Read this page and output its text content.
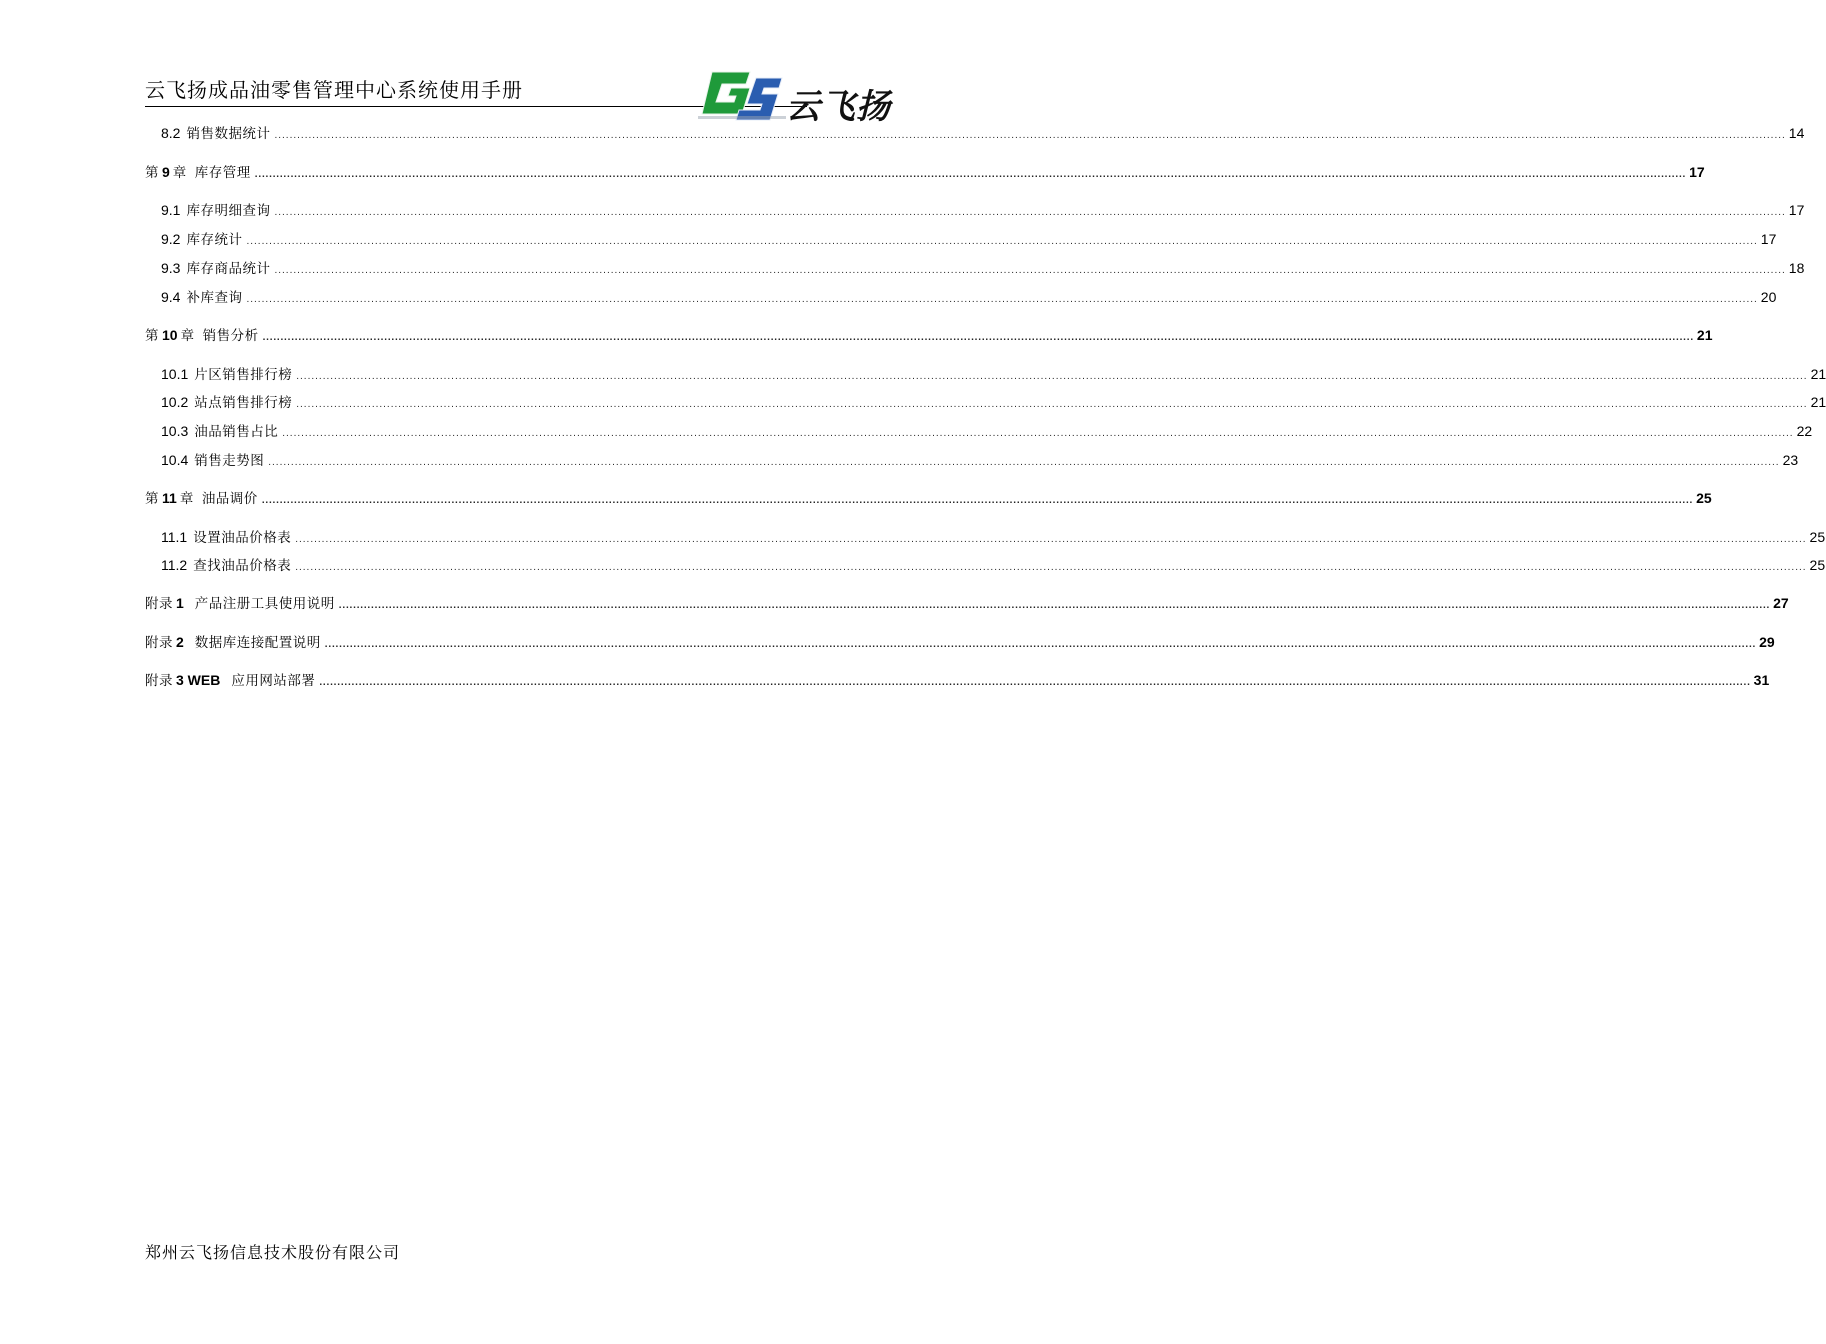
云飞扬成品油零售管理中心系统使用手册	云飞扬
8.2 销售数据统计 ................................................................................................................................................................................................................................................................................................................................................................................................................ 14
第 9 章 库存管理 ................................................................................................................................................................................................................................................................................................................................................................................................................ 17
9.1 库存明细查询 ................................................................................................................................................................................................................................................................................................................................................................................................................ 17
9.2 库存统计 ................................................................................................................................................................................................................................................................................................................................................................................................................ 17
9.3 库存商品统计 ................................................................................................................................................................................................................................................................................................................................................................................................................ 18
9.4 补库查询 ................................................................................................................................................................................................................................................................................................................................................................................................................ 20
第 10 章 销售分析 ................................................................................................................................................................................................................................................................................................................................................................................................................ 21
10.1 片区销售排行榜 ................................................................................................................................................................................................................................................................................................................................................................................................................ 21
10.2 站点销售排行榜 ................................................................................................................................................................................................................................................................................................................................................................................................................ 21
10.3 油品销售占比 ................................................................................................................................................................................................................................................................................................................................................................................................................ 22
10.4 销售走势图 ................................................................................................................................................................................................................................................................................................................................................................................................................ 23
第 11 章 油品调价 ................................................................................................................................................................................................................................................................................................................................................................................................................ 25
11.1 设置油品价格表 ................................................................................................................................................................................................................................................................................................................................................................................................................ 25
11.2 查找油品价格表 ................................................................................................................................................................................................................................................................................................................................................................................................................ 25
附录 1 产品注册工具使用说明 ................................................................................................................................................................................................................................................................................................................................................................................................................ 27
附录 2 数据库连接配置说明 ................................................................................................................................................................................................................................................................................................................................................................................................................ 29
附录 3 WEB 应用网站部署 ................................................................................................................................................................................................................................................................................................................................................................................................................ 31
郑州云飞扬信息技术股份有限公司
